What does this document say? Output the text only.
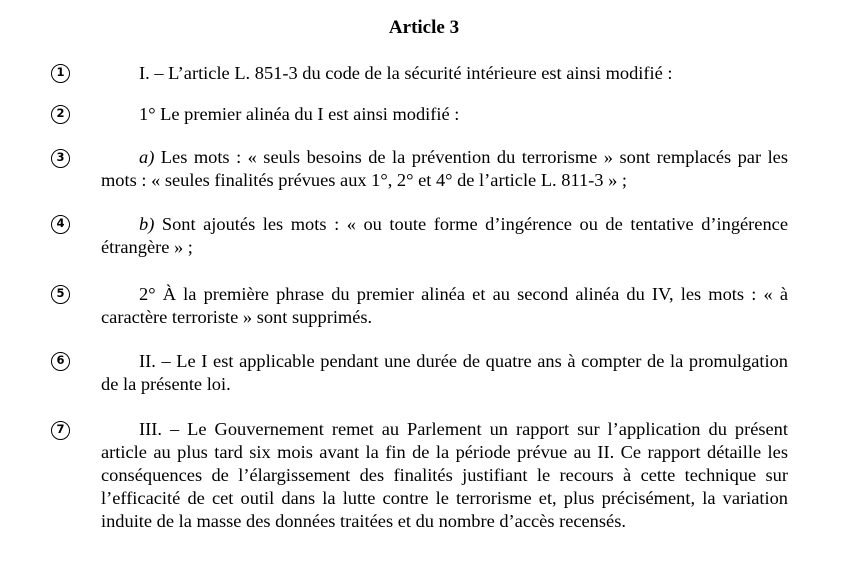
Article 3
1	I. – L’article L. 851-3 du code de la sécurité intérieure est ainsi modifié :
2	1° Le premier alinéa du I est ainsi modifié :
3	a) Les mots : « seuls besoins de la prévention du terrorisme » sont remplacés par les mots : « seules finalités prévues aux 1°, 2° et 4° de l’article L. 811-3 » ;
4	b) Sont ajoutés les mots : « ou toute forme d’ingérence ou de tentative d’ingérence étrangère » ;
5	2° À la première phrase du premier alinéa et au second alinéa du IV, les mots : « à caractère terroriste » sont supprimés.
6	II. – Le I est applicable pendant une durée de quatre ans à compter de la promulgation de la présente loi.
7	III. – Le Gouvernement remet au Parlement un rapport sur l’application du présent article au plus tard six mois avant la fin de la période prévue au II. Ce rapport détaille les conséquences de l’élargissement des finalités justifiant le recours à cette technique sur l’efficacité de cet outil dans la lutte contre le terrorisme et, plus précisément, la variation induite de la masse des données traitées et du nombre d’accès recensés.
